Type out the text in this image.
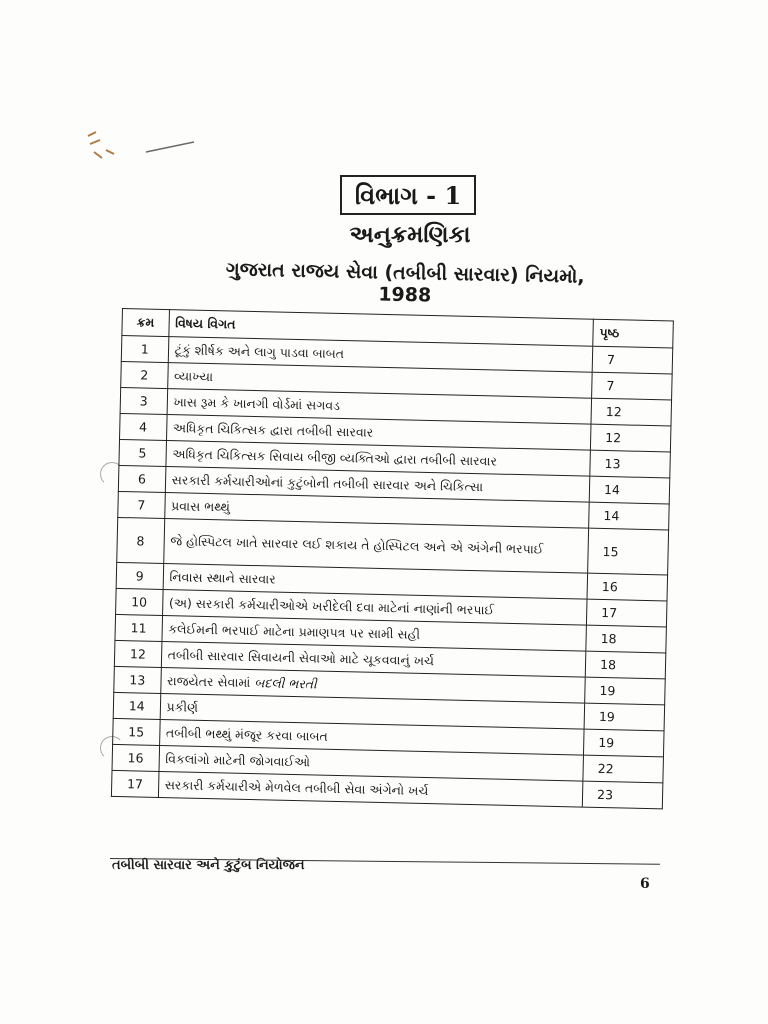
વિભાગ - 1
અનુક્રમણિકા
ગુજરાત રાજય સેવા (તબીબી સારવાર) નિયમો, 1988
ક્રમ	વિષય વિગત	પૃષ્ઠ
1	ટૂંકું શીર્ષક અને લાગુ પાડવા બાબત	7
2	વ્યાખ્યા	7
3	ખાસ રૂમ કે ખાનગી વોર્ડમાં સગવડ	12
4	અધિકૃત ચિકિત્સક દ્વારા તબીબી સારવાર	12
5	અધિકૃત ચિકિત્સક સિવાય બીજી વ્યક્તિઓ દ્વારા તબીબી સારવાર	13
6	સરકારી કર્મચારીઓનાં કુટુંબોની તબીબી સારવાર અને ચિકિત્સા	14
7	પ્રવાસ ભથ્થું	14
8	જે હોસ્પિટલ ખાતે સારવાર લઈ શકાય તે હોસ્પિટલ અને એ અંગેની ભરપાઈ	15
9	નિવાસ સ્થાને સારવાર	16
10	(અ) સરકારી કર્મચારીઓએ ખરીદેલી દવા માટેનાં નાણાંની ભરપાઈ	17
11	કલેઈમની ભરપાઈ માટેના પ્રમાણપત્ર પર સામી સહી	18
12	તબીબી સારવાર સિવાયની સેવાઓ માટે ચૂકવવાનું ખર્ચ	18
13	રાજયેતર સેવામાં બદલી ભરતી	19
14	પ્રકીર્ણ	19
15	તબીબી ભથ્થું મંજૂર કરવા બાબત	19
16	વિકલાંગો માટેની જોગવાઈઓ	22
17	સરકારી કર્મચારીએ મેળવેલ તબીબી સેવા અંગેનો ખર્ચ	23
તબીબી સારવાર અને કુટુંબ નિયોજન
6
